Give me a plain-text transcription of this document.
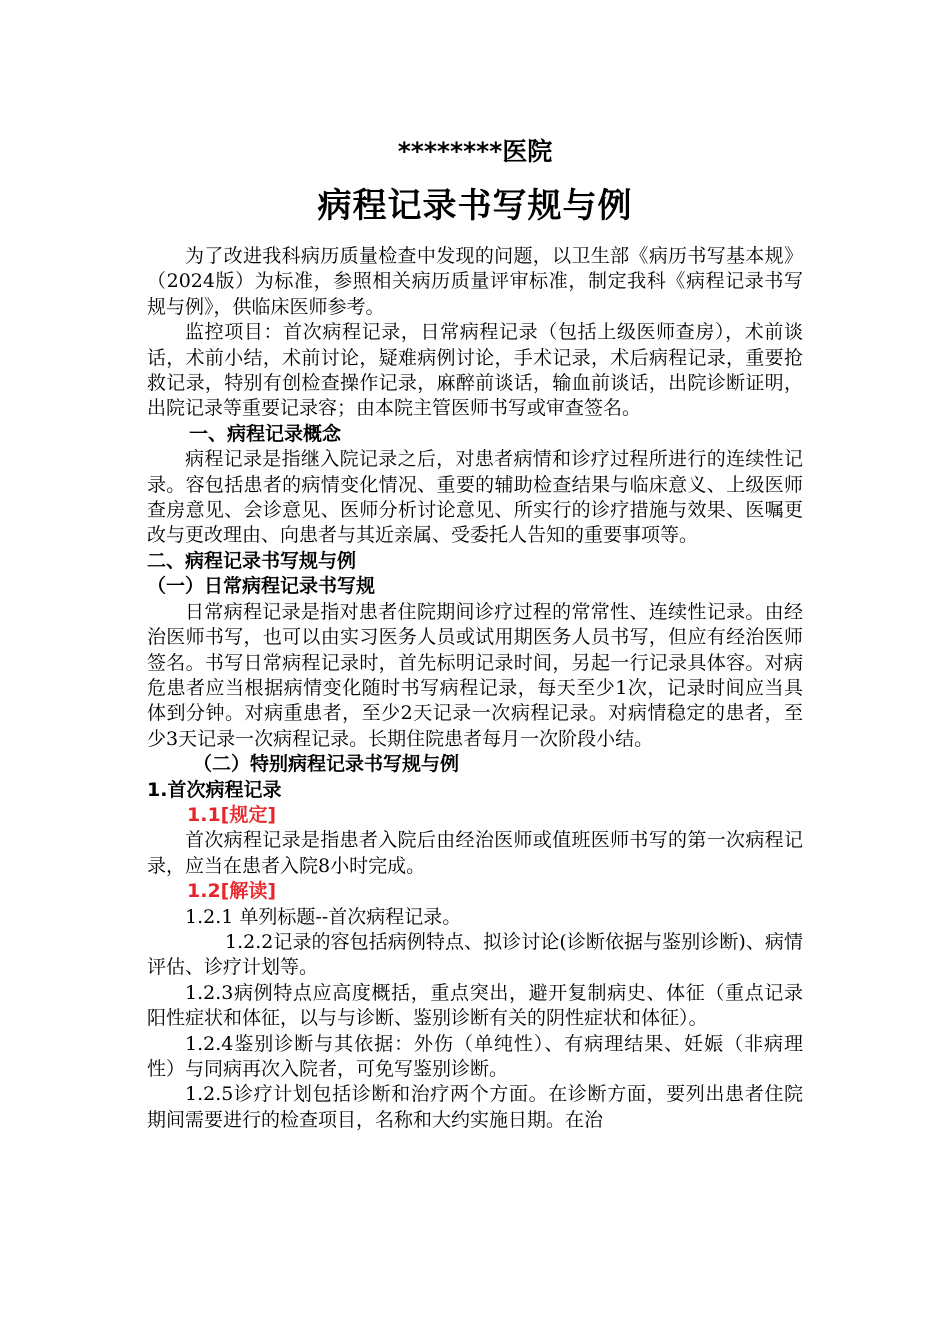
********医院
病程记录书写规与例

为了改进我科病历质量检查中发现的问题，以卫生部《病历书写基本规》（2024版）为标准，参照相关病历质量评审标准，制定我科《病程记录书写规与例》，供临床医师参考。

监控项目：首次病程记录，日常病程记录（包括上级医师查房），术前谈话，术前小结，术前讨论，疑难病例讨论，手术记录，术后病程记录，重要抢救记录，特别有创检查操作记录，麻醉前谈话，输血前谈话，出院诊断证明，出院记录等重要记录容；由本院主管医师书写或审查签名。

一、病程记录概念

病程记录是指继入院记录之后，对患者病情和诊疗过程所进行的连续性记录。容包括患者的病情变化情况、重要的辅助检查结果与临床意义、上级医师查房意见、会诊意见、医师分析讨论意见、所实行的诊疗措施与效果、医嘱更改与更改理由、向患者与其近亲属、受委托人告知的重要事项等。

二、病程记录书写规与例

（一）日常病程记录书写规

日常病程记录是指对患者住院期间诊疗过程的常常性、连续性记录。由经治医师书写，也可以由实习医务人员或试用期医务人员书写，但应有经治医师签名。书写日常病程记录时，首先标明记录时间，另起一行记录具体容。对病危患者应当根据病情变化随时书写病程记录，每天至少1次，记录时间应当具体到分钟。对病重患者，至少2天记录一次病程记录。对病情稳定的患者，至少3天记录一次病程记录。长期住院患者每月一次阶段小结。

（二）特别病程记录书写规与例

1.首次病程记录

1.1[规定]

首次病程记录是指患者入院后由经治医师或值班医师书写的第一次病程记录，应当在患者入院8小时完成。

1.2[解读]

1.2.1 单列标题--首次病程记录。

1.2.2记录的容包括病例特点、拟诊讨论(诊断依据与鉴别诊断)、病情评估、诊疗计划等。

1.2.3病例特点应高度概括，重点突出，避开复制病史、体征（重点记录阳性症状和体征，以与与诊断、鉴别诊断有关的阴性症状和体征）。

1.2.4鉴别诊断与其依据：外伤（单纯性）、有病理结果、妊娠（非病理性）与同病再次入院者，可免写鉴别诊断。

1.2.5诊疗计划包括诊断和治疗两个方面。在诊断方面，要列出患者住院期间需要进行的检查项目，名称和大约实施日期。在治
